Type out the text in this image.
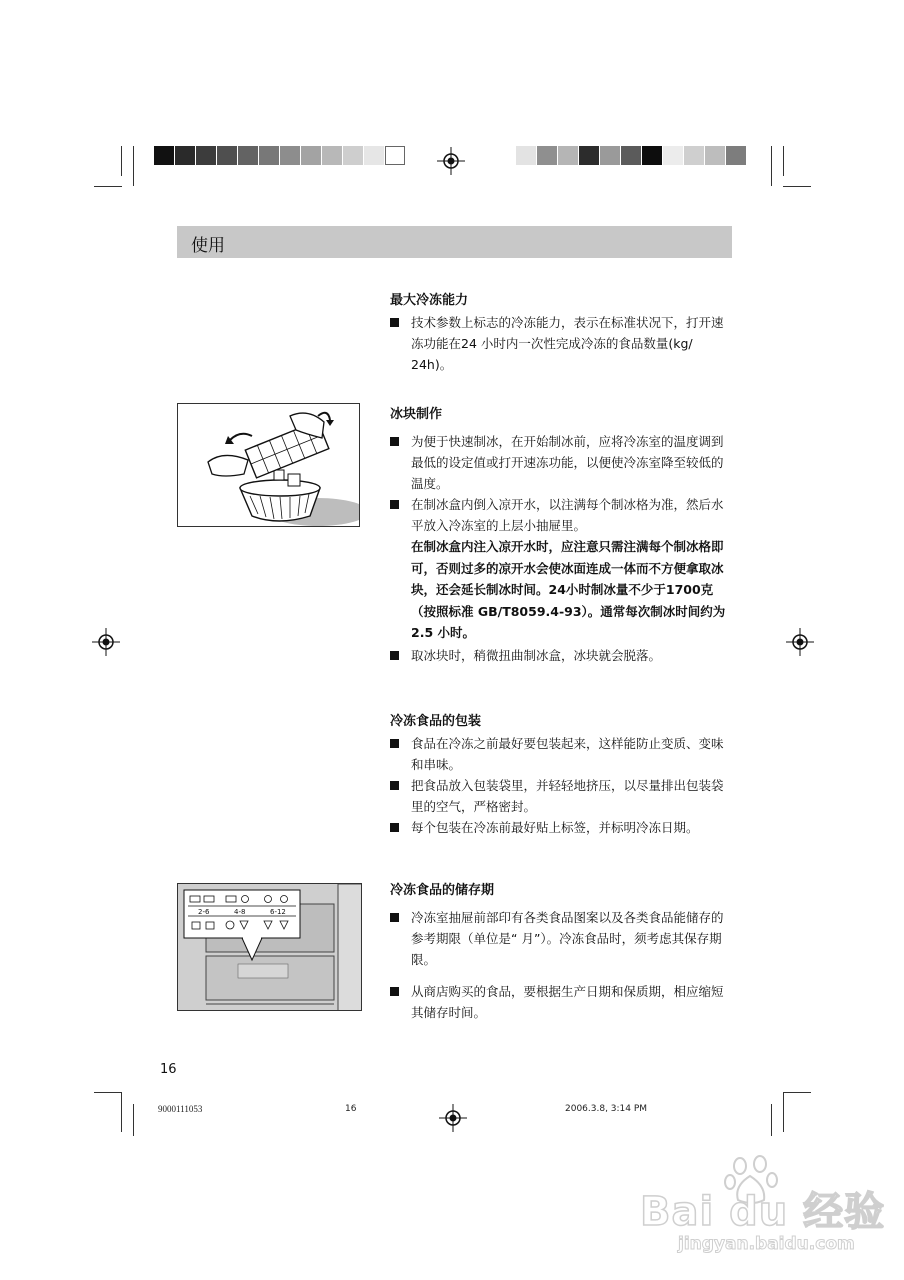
使用
最大冷冻能力
技术参数上标志的冷冻能力，表示在标准状况下，打开速冻功能在24 小时内一次性完成冷冻的食品数量(kg/ 24h)。
冰块制作
为便于快速制冰，在开始制冰前，应将冷冻室的温度调到最低的设定值或打开速冻功能，以便使冷冻室降至较低的温度。
在制冰盒内倒入凉开水，以注满每个制冰格为准，然后水平放入冷冻室的上层小抽屉里。
在制冰盒内注入凉开水时，应注意只需注满每个制冰格即可，否则过多的凉开水会使冰面连成一体而不方便拿取冰块，还会延长制冰时间。24小时制冰量不少于1700克（按照标准 GB/T8059.4-93）。通常每次制冰时间约为 2.5 小时。
取冰块时，稍微扭曲制冰盒，冰块就会脱落。
冷冻食品的包装
食品在冷冻之前最好要包装起来，这样能防止变质、变味和串味。
把食品放入包装袋里，并轻轻地挤压，以尽量排出包装袋里的空气，严格密封。
每个包装在冷冻前最好贴上标签，并标明冷冻日期。
冷冻食品的储存期
冷冻室抽屉前部印有各类食品图案以及各类食品能储存的参考期限（单位是“ 月”）。冷冻食品时，须考虑其保存期限。
从商店购买的食品，要根据生产日期和保质期，相应缩短其储存时间。
2-6	4-8	6-12
16
9000111053	16	2006.3.8, 3:14 PM
Bai du 经验
jingyan.baidu.com
